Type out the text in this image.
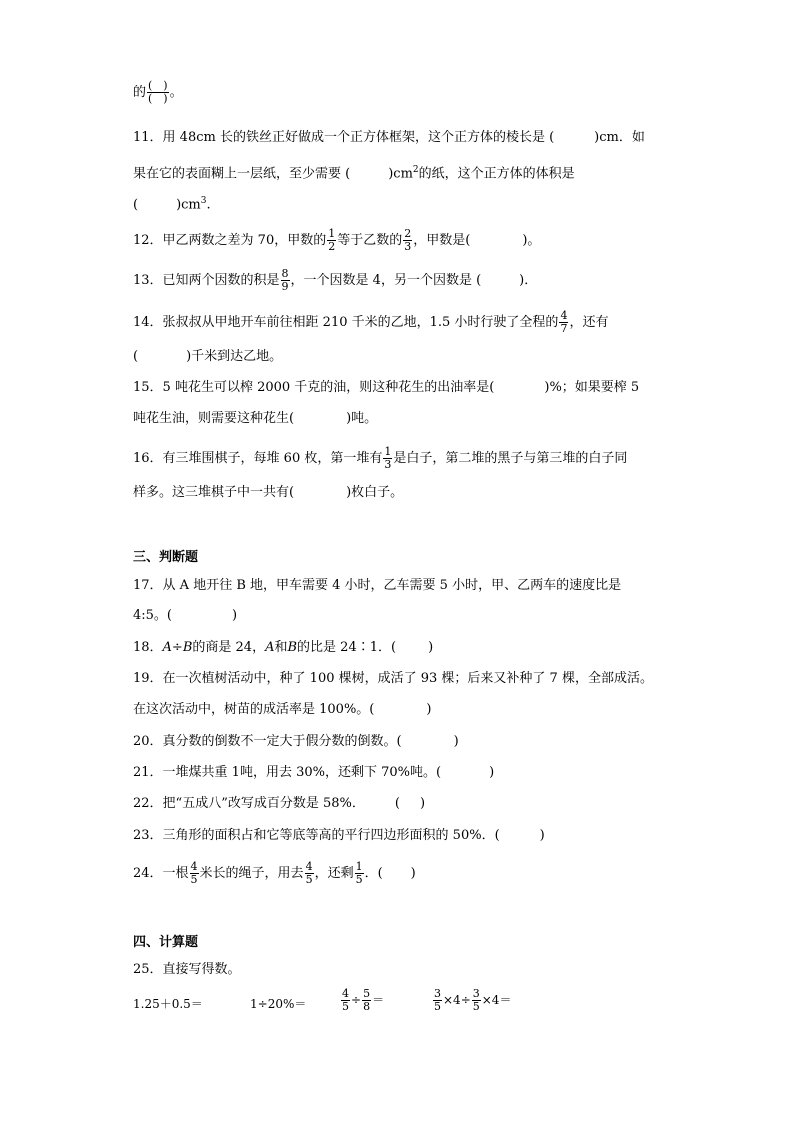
的 $\frac{( )}{( )}$ 。
11．用 48cm 长的铁丝正好做成一个正方体框架，这个正方体的棱长是 (	)cm．如
果在它的表面糊上一层纸，至少需要 (	)$cm^2$的纸，这个正方体的体积是
(	)$cm^3$.
12．甲乙两数之差为 70，甲数的 $\frac{1}{2}$ 等于乙数的 $\frac{2}{3}$ ，甲数是(	)。
13．已知两个因数的积是 $\frac{8}{9}$ ，一个因数是 4，另一个因数是 (	)．
14．张叔叔从甲地开车前往相距 210 千米的乙地，1.5 小时行驶了全程的 $\frac{4}{7}$ ，还有
(	)千米到达乙地。
15．5 吨花生可以榨 2000 千克的油，则这种花生的出油率是(	)%；如果要榨 5
吨花生油，则需要这种花生(	)吨。
16．有三堆围棋子，每堆 60 枚，第一堆有 $\frac{1}{3}$ 是白子，第二堆的黑子与第三堆的白子同
样多。这三堆棋子中一共有(	)枚白子。
三、判断题
17．从 A 地开往 B 地，甲车需要 4 小时，乙车需要 5 小时，甲、乙两车的速度比是
4:5。(	)
18．A÷B的商是 24，A和B的比是 24∶1．( )
19．在一次植树活动中，种了 100 棵树，成活了 93 棵；后来又补种了 7 棵，全部成活。
在这次活动中，树苗的成活率是 100%。(	)
20．真分数的倒数不一定大于假分数的倒数。(	)
21．一堆煤共重 1吨，用去 30%，还剩下 70%吨。(	)
22．把“五成八”改写成百分数是 58%． ( )
23．三角形的面积占和它等底等高的平行四边形面积的 50%．(	)
24．一根 $\frac{4}{5}$ 米长的绳子，用去 $\frac{4}{5}$ ，还剩 $\frac{1}{5}$ ．( )
四、计算题
25．直接写得数。
1.25＋0.5＝	1÷20%＝	$\frac{4}{5} \div \frac{5}{8}$ ＝	$\frac{3}{5} \times 4\div \frac{3}{5} \times 4=$
